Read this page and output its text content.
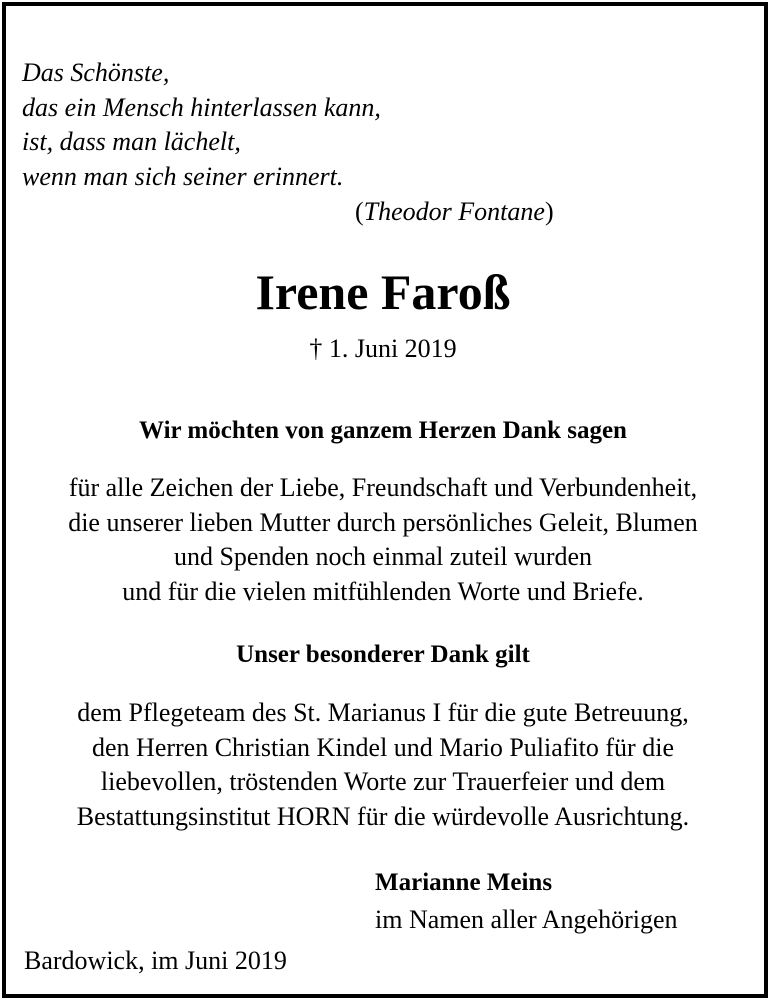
Das Schönste,
das ein Mensch hinterlassen kann,
ist, dass man lächelt,
wenn man sich seiner erinnert.
(Theodor Fontane)
Irene Faroß
† 1. Juni 2019
Wir möchten von ganzem Herzen Dank sagen
für alle Zeichen der Liebe, Freundschaft und Verbundenheit,
die unserer lieben Mutter durch persönliches Geleit, Blumen
und Spenden noch einmal zuteil wurden
und für die vielen mitfühlenden Worte und Briefe.
Unser besonderer Dank gilt
dem Pflegeteam des St. Marianus I für die gute Betreuung,
den Herren Christian Kindel und Mario Puliafito für die
liebevollen, tröstenden Worte zur Trauerfeier und dem
Bestattungsinstitut HORN für die würdevolle Ausrichtung.
Marianne Meins
im Namen aller Angehörigen
Bardowick, im Juni 2019
